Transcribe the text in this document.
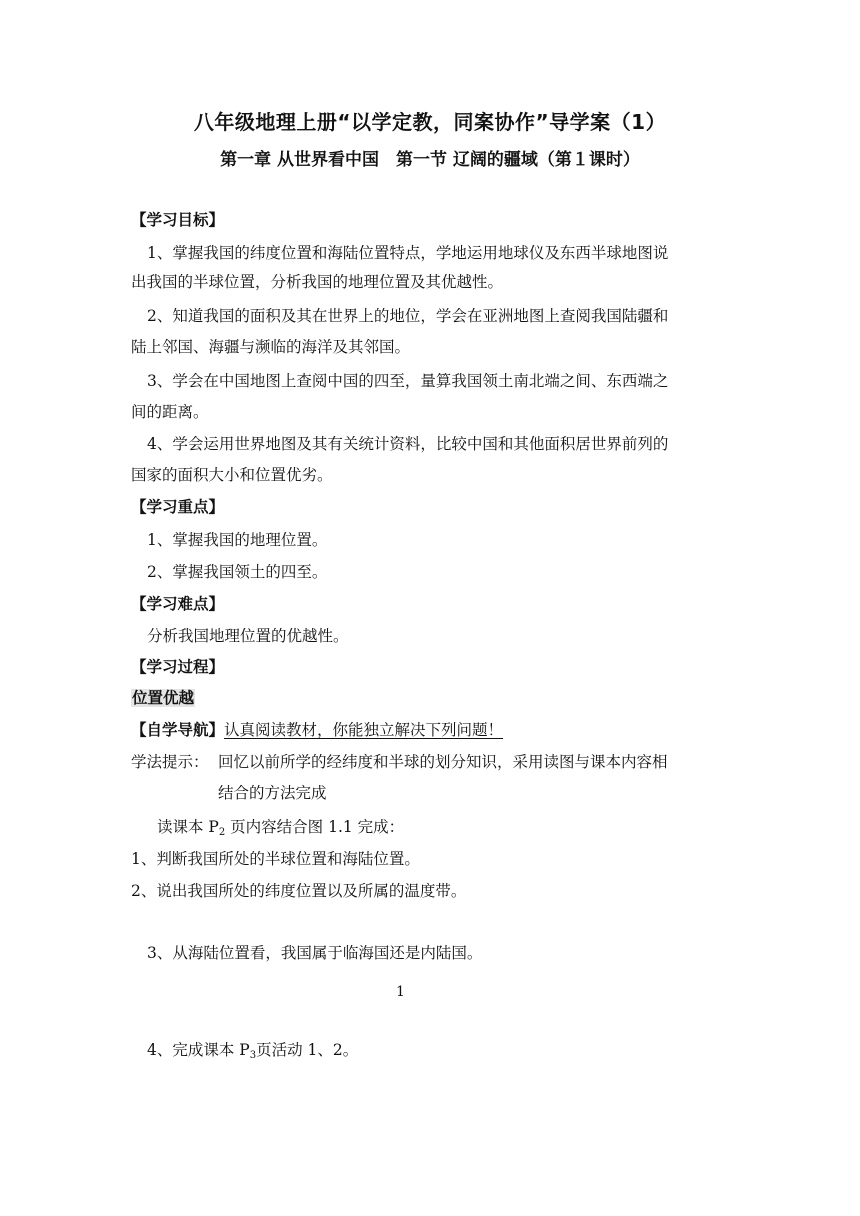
八年级地理上册“以学定教，同案协作”导学案（1）
第一章 从世界看中国　第一节 辽阔的疆域（第１课时）
【学习目标】
1、掌握我国的纬度位置和海陆位置特点，学地运用地球仪及东西半球地图说
出我国的半球位置，分析我国的地理位置及其优越性。
2、知道我国的面积及其在世界上的地位，学会在亚洲地图上查阅我国陆疆和
陆上邻国、海疆与濒临的海洋及其邻国。
3、学会在中国地图上查阅中国的四至，量算我国领土南北端之间、东西端之
间的距离。
4、学会运用世界地图及其有关统计资料，比较中国和其他面积居世界前列的
国家的面积大小和位置优劣。
【学习重点】
1、掌握我国的地理位置。
2、掌握我国领土的四至。
【学习难点】
分析我国地理位置的优越性。
【学习过程】
位置优越
【自学导航】认真阅读教材，你能独立解决下列问题！
学法提示： 回忆以前所学的经纬度和半球的划分知识，采用读图与课本内容相
结合的方法完成
读课本 $P_2$ 页内容结合图 1.1 完成：
1、判断我国所处的半球位置和海陆位置。
2、说出我国所处的纬度位置以及所属的温度带。
3、从海陆位置看，我国属于临海国还是内陆国。
1
4、完成课本 $P_3$页活动 1、2。
